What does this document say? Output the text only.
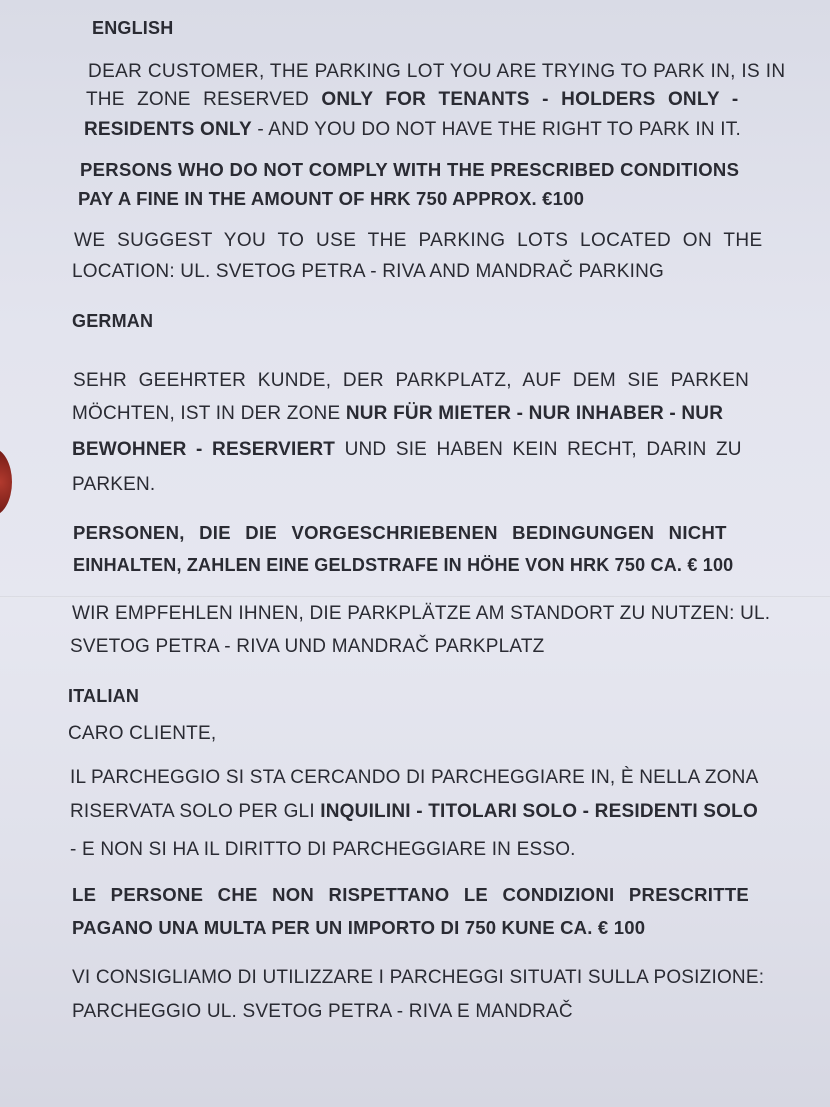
ENGLISH

DEAR CUSTOMER, THE PARKING LOT YOU ARE TRYING TO PARK IN, IS IN

THE ZONE RESERVED ONLY FOR TENANTS - HOLDERS ONLY -

RESIDENTS ONLY - AND YOU DO NOT HAVE THE RIGHT TO PARK IN IT.

PERSONS WHO DO NOT COMPLY WITH THE PRESCRIBED CONDITIONS

PAY A FINE IN THE AMOUNT OF HRK 750 APPROX. €100

WE SUGGEST YOU TO USE THE PARKING LOTS LOCATED ON THE

LOCATION: UL. SVETOG PETRA - RIVA AND MANDRAČ PARKING

GERMAN

SEHR GEEHRTER KUNDE, DER PARKPLATZ, AUF DEM SIE PARKEN

MÖCHTEN, IST IN DER ZONE NUR FÜR MIETER - NUR INHABER - NUR

BEWOHNER - RESERVIERT UND SIE HABEN KEIN RECHT, DARIN ZU

PARKEN.

PERSONEN, DIE DIE VORGESCHRIEBENEN BEDINGUNGEN NICHT

EINHALTEN, ZAHLEN EINE GELDSTRAFE IN HÖHE VON HRK 750 CA. € 100

WIR EMPFEHLEN IHNEN, DIE PARKPLÄTZE AM STANDORT ZU NUTZEN: UL.

SVETOG PETRA - RIVA UND MANDRAČ PARKPLATZ

ITALIAN

CARO CLIENTE,

IL PARCHEGGIO SI STA CERCANDO DI PARCHEGGIARE IN, È NELLA ZONA

RISERVATA SOLO PER GLI INQUILINI - TITOLARI SOLO - RESIDENTI SOLO

- E NON SI HA IL DIRITTO DI PARCHEGGIARE IN ESSO.

LE PERSONE CHE NON RISPETTANO LE CONDIZIONI PRESCRITTE

PAGANO UNA MULTA PER UN IMPORTO DI 750 KUNE CA. € 100

VI CONSIGLIAMO DI UTILIZZARE I PARCHEGGI SITUATI SULLA POSIZIONE:

PARCHEGGIO UL. SVETOG PETRA - RIVA E MANDRAČ
